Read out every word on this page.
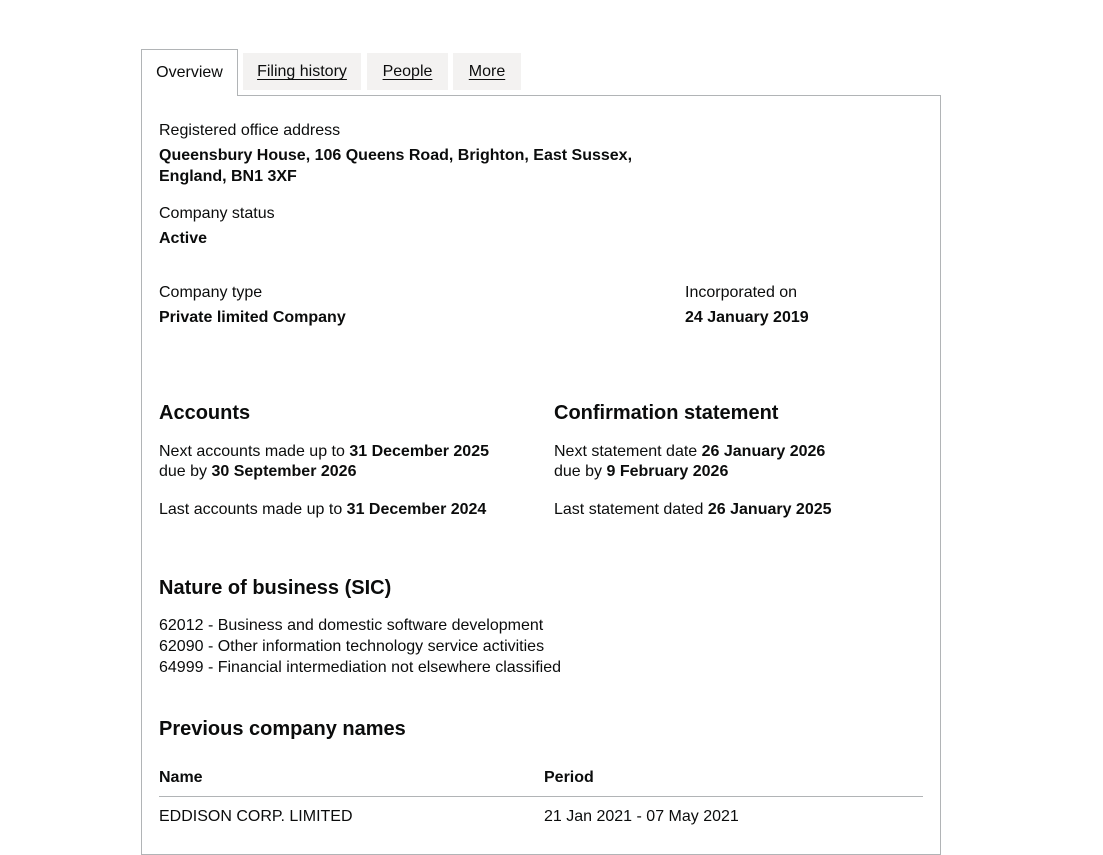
Overview	Filing history	People	More
Registered office address
Queensbury House, 106 Queens Road, Brighton, East Sussex,
England, BN1 3XF
Company status
Active
Company type
Private limited Company
Incorporated on
24 January 2019
Accounts
Next accounts made up to 31 December 2025
due by 30 September 2026
Last accounts made up to 31 December 2024
Confirmation statement
Next statement date 26 January 2026
due by 9 February 2026
Last statement dated 26 January 2025
Nature of business (SIC)
62012 - Business and domestic software development
62090 - Other information technology service activities
64999 - Financial intermediation not elsewhere classified
Previous company names
Name	Period
EDDISON CORP. LIMITED	21 Jan 2021 - 07 May 2021
